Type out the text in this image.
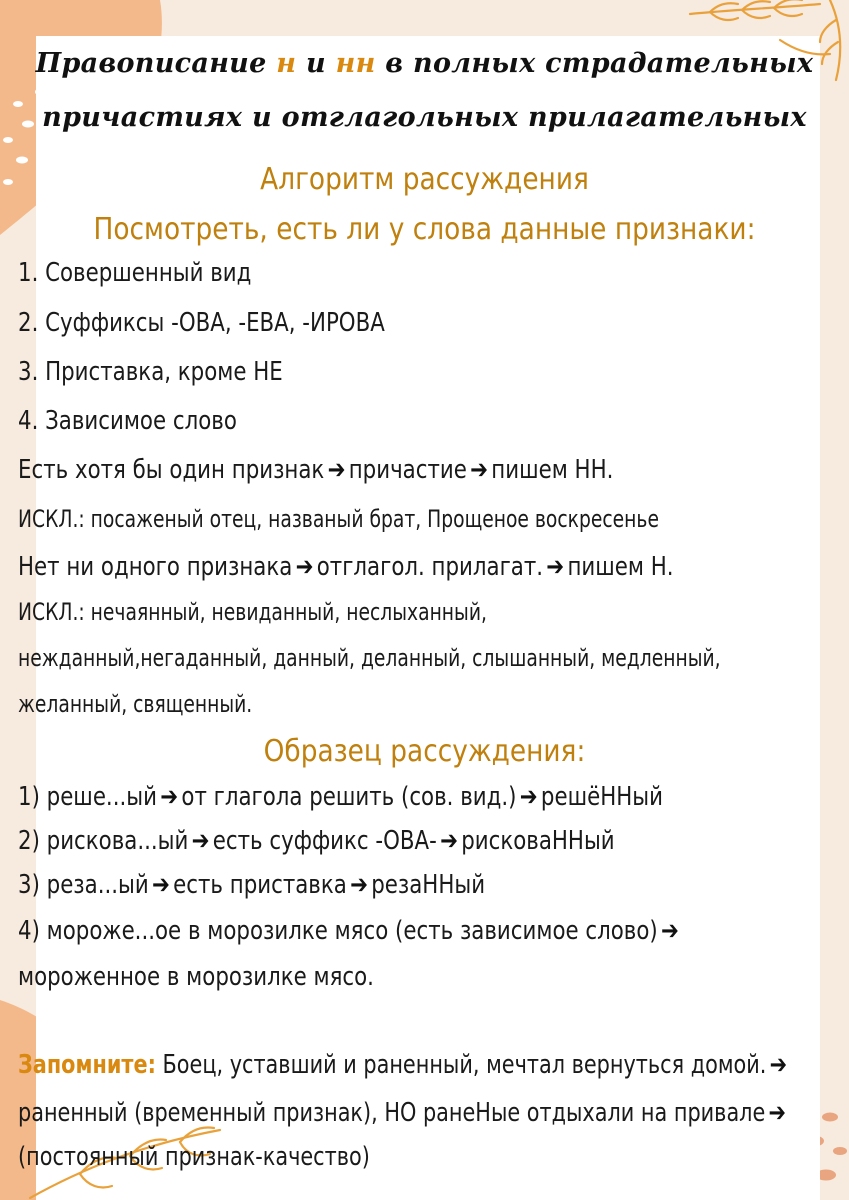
Правописание н и нн в полных страдательных
причастиях и отглагольных прилагательных
Алгоритм рассуждения
Посмотреть, есть ли у слова данные признаки:
1. Совершенный вид
2. Суффиксы -ОВА, -ЕВА, -ИРОВА
3. Приставка, кроме НЕ
4. Зависимое слово
Есть хотя бы один признак ➔ причастие ➔ пишем НН.
ИСКЛ.: посаженый отец, названый брат, Прощеное воскресенье
Нет ни одного признака ➔ отглагол. прилагат. ➔ пишем Н.
ИСКЛ.: нечаянный, невиданный, неслыханный,
нежданный,негаданный, данный, деланный, слышанный, медленный,
желанный, священный.
Образец рассуждения:
1) реше...ый ➔ от глагола решить (сов. вид.) ➔ решёННый
2) рискова...ый ➔ есть суффикс -ОВА- ➔ рисковаННый
3) реза...ый ➔ есть приставка ➔ резаННый
4) мороже...ое в морозилке мясо (есть зависимое слово) ➔
мороженное в морозилке мясо.
Запомните: Боец, уставший и раненный, мечтал вернуться домой. ➔
раненный (временный признак), НО ранеНые отдыхали на привале ➔
(постоянный признак-качество)
